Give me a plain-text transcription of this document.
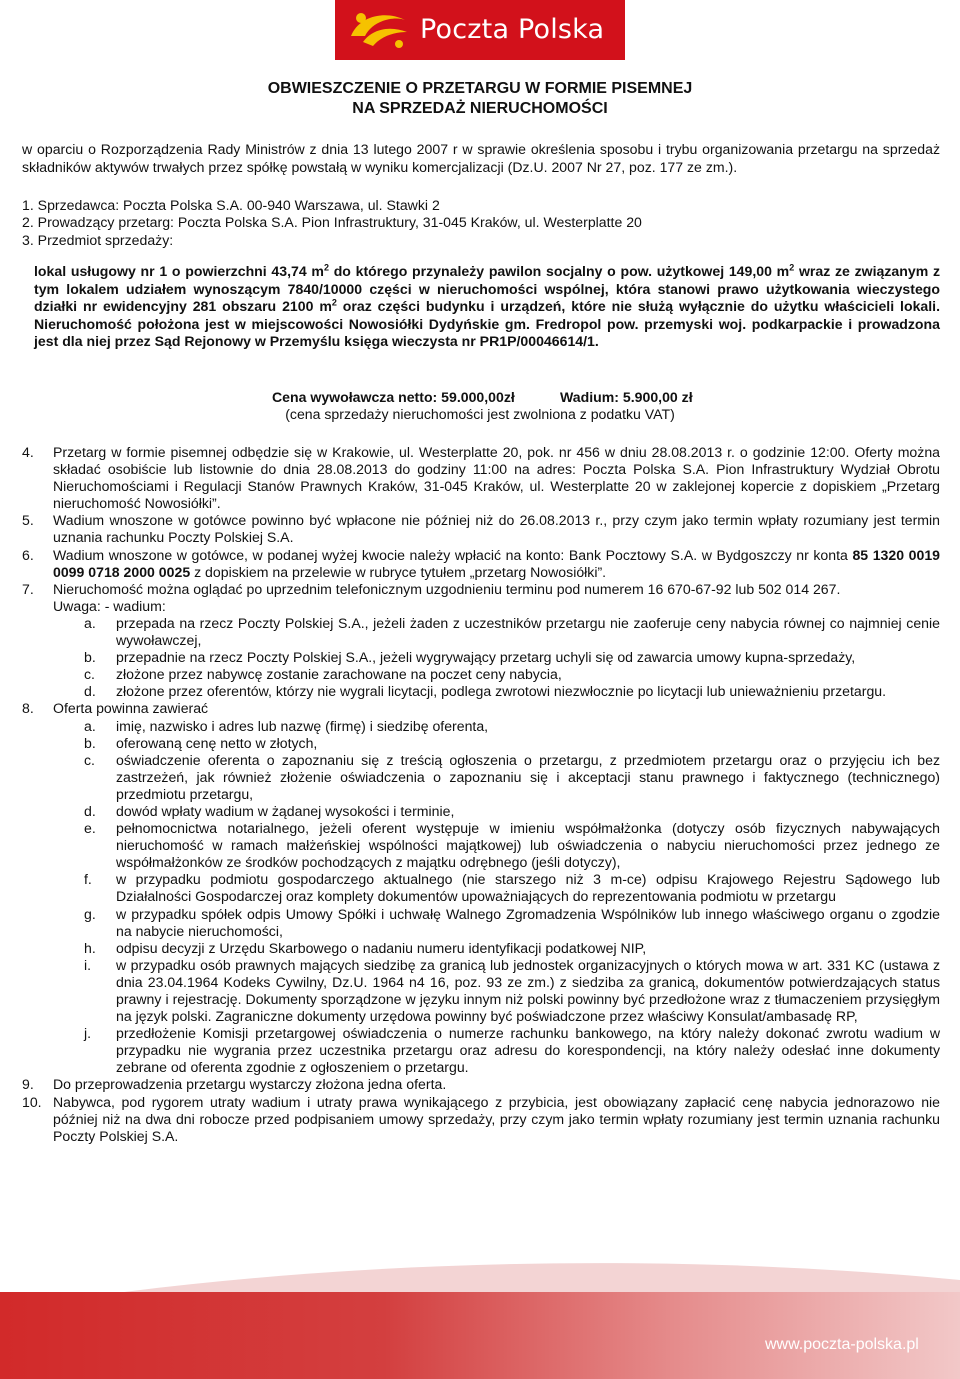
Poczta Polska
OBWIESZCZENIE O PRZETARGU W FORMIE PISEMNEJ
NA SPRZEDAŻ NIERUCHOMOŚCI
w oparciu o Rozporządzenia Rady Ministrów z dnia 13 lutego 2007 r w sprawie określenia sposobu i trybu organizowania przetargu na sprzedaż składników aktywów trwałych przez spółkę powstałą w wyniku komercjalizacji (Dz.U. 2007 Nr 27, poz. 177 ze zm.).
1. Sprzedawca: Poczta Polska S.A. 00-940 Warszawa, ul. Stawki 2
2. Prowadzący przetarg: Poczta Polska S.A. Pion Infrastruktury, 31-045 Kraków, ul. Westerplatte 20
3. Przedmiot sprzedaży:
lokal usługowy nr 1 o powierzchni 43,74 $m^2$ do którego przynależy pawilon socjalny o pow. użytkowej 149,00 $m^2$ wraz ze związanym z tym lokalem udziałem wynoszącym 7840/10000 części w nieruchomości wspólnej, która stanowi prawo użytkowania wieczystego działki nr ewidencyjny 281 obszaru 2100 $m^2$ oraz części budynku i urządzeń, które nie służą wyłącznie do użytku właścicieli lokali. Nieruchomość położona jest w miejscowości Nowosiółki Dydyńskie gm. Fredropol pow. przemyski woj. podkarpackie i prowadzona jest dla niej przez Sąd Rejonowy w Przemyślu księga wieczysta nr PR1P/00046614/1.
Cena wywoławcza netto: 59.000,00zł	Wadium: 5.900,00 zł
(cena sprzedaży nieruchomości jest zwolniona z podatku VAT)
4.	Przetarg w formie pisemnej odbędzie się w Krakowie, ul. Westerplatte 20, pok. nr 456 w dniu 28.08.2013 r. o godzinie 12:00. Oferty można składać osobiście lub listownie do dnia 28.08.2013 do godziny 11:00 na adres: Poczta Polska S.A. Pion Infrastruktury Wydział Obrotu Nieruchomościami i Regulacji Stanów Prawnych Kraków, 31-045 Kraków, ul. Westerplatte 20 w zaklejonej kopercie z dopiskiem „Przetarg nieruchomość Nowosiółki”.
5.	Wadium wnoszone w gotówce powinno być wpłacone nie później niż do 26.08.2013 r., przy czym jako termin wpłaty rozumiany jest termin uznania rachunku Poczty Polskiej S.A.
6.	Wadium wnoszone w gotówce, w podanej wyżej kwocie należy wpłacić na konto: Bank Pocztowy S.A. w Bydgoszczy nr konta 85 1320 0019 0099 0718 2000 0025 z dopiskiem na przelewie w rubryce tytułem „przetarg Nowosiółki”.
7.	Nieruchomość można oglądać po uprzednim telefonicznym uzgodnieniu terminu pod numerem 16 670-67-92 lub 502 014 267.
Uwaga: - wadium:
a.	przepada na rzecz Poczty Polskiej S.A., jeżeli żaden z uczestników przetargu nie zaoferuje ceny nabycia równej co najmniej cenie wywoławczej,
b.	przepadnie na rzecz Poczty Polskiej S.A., jeżeli wygrywający przetarg uchyli się od zawarcia umowy kupna-sprzedaży,
c.	złożone przez nabywcę zostanie zarachowane na poczet ceny nabycia,
d.	złożone przez oferentów, którzy nie wygrali licytacji, podlega zwrotowi niezwłocznie po licytacji lub unieważnieniu przetargu.
8.	Oferta powinna zawierać
a.	imię, nazwisko i adres lub nazwę (firmę) i siedzibę oferenta,
b.	oferowaną cenę netto w złotych,
c.	oświadczenie oferenta o zapoznaniu się z treścią ogłoszenia o przetargu, z przedmiotem przetargu oraz o przyjęciu ich bez zastrzeżeń, jak również złożenie oświadczenia o zapoznaniu się i akceptacji stanu prawnego i faktycznego (technicznego) przedmiotu przetargu,
d.	dowód wpłaty wadium w żądanej wysokości i terminie,
e.	pełnomocnictwa notarialnego, jeżeli oferent występuje w imieniu współmałżonka (dotyczy osób fizycznych nabywających nieruchomość w ramach małżeńskiej wspólności majątkowej) lub oświadczenia o nabyciu nieruchomości przez jednego ze współmałżonków ze środków pochodzących z majątku odrębnego (jeśli dotyczy),
f.	w przypadku podmiotu gospodarczego aktualnego (nie starszego niż 3 m-ce) odpisu Krajowego Rejestru Sądowego lub Działalności Gospodarczej oraz komplety dokumentów upoważniających do reprezentowania podmiotu w przetargu
g.	w przypadku spółek odpis Umowy Spółki i uchwałę Walnego Zgromadzenia Wspólników lub innego właściwego organu o zgodzie na nabycie nieruchomości,
h.	odpisu decyzji z Urzędu Skarbowego o nadaniu numeru identyfikacji podatkowej NIP,
i.	w przypadku osób prawnych mających siedzibę za granicą lub jednostek organizacyjnych o których mowa w art. 331 KC (ustawa z dnia 23.04.1964 Kodeks Cywilny, Dz.U. 1964 n4 16, poz. 93 ze zm.) z siedziba za granicą, dokumentów potwierdzających status prawny i rejestrację. Dokumenty sporządzone w języku innym niż polski powinny być przedłożone wraz z tłumaczeniem przysięgłym na język polski. Zagraniczne dokumenty urzędowa powinny być poświadczone przez właściwy Konsulat/ambasadę RP,
j.	przedłożenie Komisji przetargowej oświadczenia o numerze rachunku bankowego, na który należy dokonać zwrotu wadium w przypadku nie wygrania przez uczestnika przetargu oraz adresu do korespondencji, na który należy odesłać inne dokumenty zebrane od oferenta zgodnie z ogłoszeniem o przetargu.
9.	Do przeprowadzenia przetargu wystarczy złożona jedna oferta.
10. Nabywca, pod rygorem utraty wadium i utraty prawa wynikającego z przybicia, jest obowiązany zapłacić cenę nabycia jednorazowo nie później niż na dwa dni robocze przed podpisaniem umowy sprzedaży, przy czym jako termin wpłaty rozumiany jest termin uznania rachunku Poczty Polskiej S.A.
www.poczta-polska.pl
